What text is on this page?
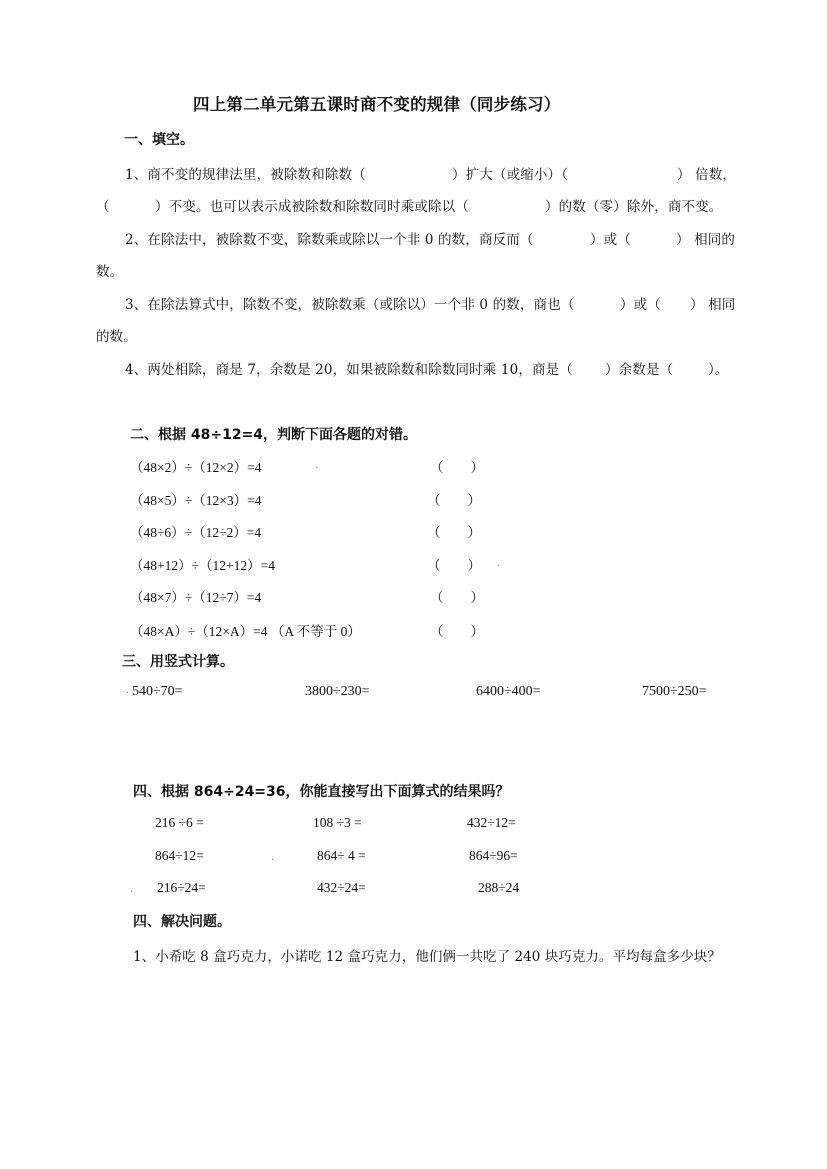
四上第二单元第五课时商不变的规律（同步练习）
一、填空。
1、商不变的规律法里，被除数和除数（	）扩大（或缩小）（	） 倍数，
（	）不变。也可以表示成被除数和除数同时乘或除以（	）的数（零）除外，商不变。
2、在除法中，被除数不变，除数乘或除以一个非 0 的数，商反而（	）或（	） 相同的
数。
3、在除法算式中，除数不变，被除数乘（或除以）一个非 0 的数，商也（	）或（ ） 相同
的数。
4、两处相除，商是 7，余数是 20，如果被除数和除数同时乘 10，商是（ ）余数是（	）。
二、根据 48÷12=4，判断下面各题的对错。
（48×2）÷（12×2）=4	.	（　　）
（48×5）÷（12×3）=4	（　　）
（48÷6）÷（12÷2）=4	（　　）
（48+12）÷（12+12）=4	（　　） .
（48×7）÷（12÷7）=4	（　　）
（48×A）÷（12×A）=4 （A 不等于 0）	（　　）
三、用竖式计算。
. 540÷70=	3800÷230=	6400÷400=	7500÷250=
四、根据 864÷24=36，你能直接写出下面算式的结果吗？
216 ÷6 =	108 ÷3 =	432÷12=
864÷12=	.	864÷ 4 =	864÷96=
. 216÷24=	432÷24=	288÷24
四、解决问题。
1、小希吃 8 盒巧克力，小诺吃 12 盒巧克力，他们俩一共吃了 240 块巧克力。平均每盒多少块？
